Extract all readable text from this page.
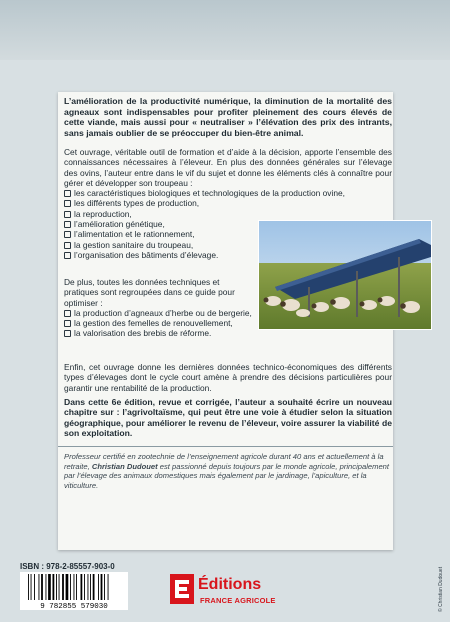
L’amélioration de la productivité numérique, la diminution de la mortalité des agneaux sont indispensables pour profiter pleinement des cours élevés de cette viande, mais aussi pour « neutraliser » l’élévation des prix des intrants, sans jamais oublier de se préoccuper du bien-être animal.

Cet ouvrage, véritable outil de formation et d’aide à la décision, apporte l’ensemble des connaissances nécessaires à l’éleveur. En plus des données générales sur l’élevage des ovins, l’auteur entre dans le vif du sujet et donne les éléments clés à connaître pour gérer et développer son troupeau :
les caractéristiques biologiques et technologiques de la production ovine,
les différents types de production,
la reproduction,
l’amélioration génétique,
l’alimentation et le rationnement,
la gestion sanitaire du troupeau,
l’organisation des bâtiments d’élevage.
De plus, toutes les données techniques et pratiques sont regroupées dans ce guide pour optimiser :
la production d’agneaux d’herbe ou de bergerie,
la gestion des femelles de renouvellement,
la valorisation des brebis de réforme.

Enfin, cet ouvrage donne les dernières données technico-économiques des différents types d’élevages dont le cycle court amène à prendre des décisions particulières pour garantir une rentabilité de la production.

Dans cette 6e édition, revue et corrigée, l’auteur a souhaité écrire un nouveau chapitre sur : l’agrivoltaïsme, qui peut être une voie à étudier selon la situation géographique, pour améliorer le revenu de l’éleveur, voire assurer la viabilité de son exploitation.

Professeur certifié en zootechnie de l’enseignement agricole durant 40 ans et actuellement à la retraite, Christian Dudouet est passionné depuis toujours par le monde agricole, principalement par l’élevage des animaux domestiques mais également par le jardinage, l’apiculture, et la viticulture.

ISBN : 978-2-85557-903-0

9 782855 579030
Éditions
FRANCE AGRICOLE	© Christian Dudouet
